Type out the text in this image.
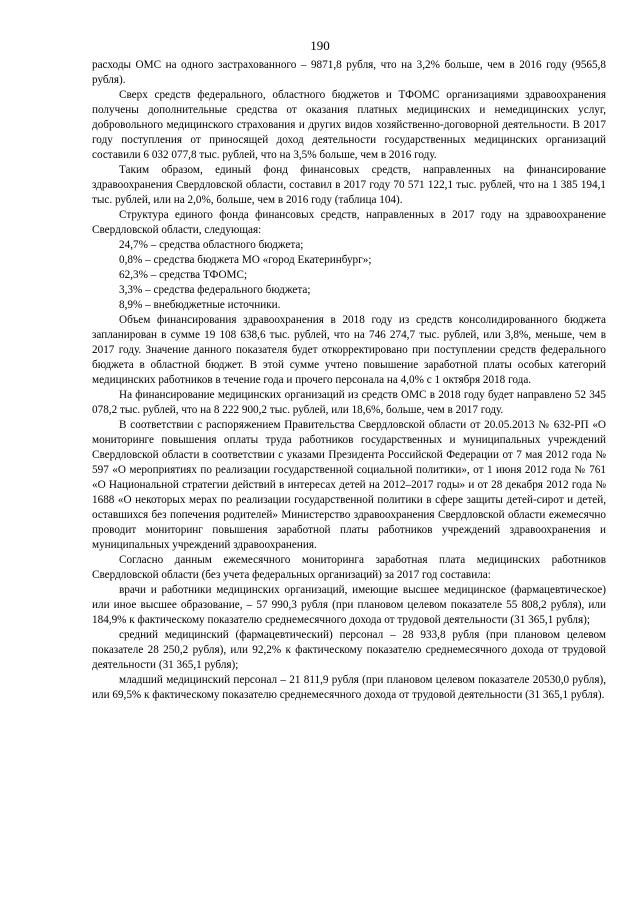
190

расходы ОМС на одного застрахованного – 9871,8 рубля, что на 3,2% больше, чем в 2016 году (9565,8 рубля).

Сверх средств федерального, областного бюджетов и ТФОМС организациями здравоохранения получены дополнительные средства от оказания платных медицинских и немедицинских услуг, добровольного медицинского страхования и других видов хозяйственно-договорной деятельности. В 2017 году поступления от приносящей доход деятельности государственных медицинских организаций составили 6 032 077,8 тыс. рублей, что на 3,5% больше, чем в 2016 году.

Таким образом, единый фонд финансовых средств, направленных на финансирование здравоохранения Свердловской области, составил в 2017 году 70 571 122,1 тыс. рублей, что на 1 385 194,1 тыс. рублей, или на 2,0%, больше, чем в 2016 году (таблица 104).

Структура единого фонда финансовых средств, направленных в 2017 году на здравоохранение Свердловской области, следующая:

24,7% – средства областного бюджета;

0,8% – средства бюджета МО «город Екатеринбург»;

62,3% – средства ТФОМС;

3,3% – средства федерального бюджета;

8,9% – внебюджетные источники.

Объем финансирования здравоохранения в 2018 году из средств консолидированного бюджета запланирован в сумме 19 108 638,6 тыс. рублей, что на 746 274,7 тыс. рублей, или 3,8%, меньше, чем в 2017 году. Значение данного показателя будет откорректировано при поступлении средств федерального бюджета в областной бюджет. В этой сумме учтено повышение заработной платы особых категорий медицинских работников в течение года и прочего персонала на 4,0% с 1 октября 2018 года.

На финансирование медицинских организаций из средств ОМС в 2018 году будет направлено 52 345 078,2 тыс. рублей, что на 8 222 900,2 тыс. рублей, или 18,6%, больше, чем в 2017 году.

В соответствии с распоряжением Правительства Свердловской области от 20.05.2013 № 632-РП «О мониторинге повышения оплаты труда работников государственных и муниципальных учреждений Свердловской области в соответствии с указами Президента Российской Федерации от 7 мая 2012 года № 597 «О мероприятиях по реализации государственной социальной политики», от 1 июня 2012 года № 761 «О Национальной стратегии действий в интересах детей на 2012–2017 годы» и от 28 декабря 2012 года № 1688 «О некоторых мерах по реализации государственной политики в сфере защиты детей-сирот и детей, оставшихся без попечения родителей» Министерство здравоохранения Свердловской области ежемесячно проводит мониторинг повышения заработной платы работников учреждений здравоохранения и муниципальных учреждений здравоохранения.

Согласно данным ежемесячного мониторинга заработная плата медицинских работников Свердловской области (без учета федеральных организаций) за 2017 год составила:

врачи и работники медицинских организаций, имеющие высшее медицинское (фармацевтическое) или иное высшее образование, – 57 990,3 рубля (при плановом целевом показателе 55 808,2 рубля), или 184,9% к фактическому показателю среднемесячного дохода от трудовой деятельности (31 365,1 рубля);

средний медицинский (фармацевтический) персонал – 28 933,8 рубля (при плановом целевом показателе 28 250,2 рубля), или 92,2% к фактическому показателю среднемесячного дохода от трудовой деятельности (31 365,1 рубля);

младший медицинский персонал – 21 811,9 рубля (при плановом целевом показателе 20530,0 рубля), или 69,5% к фактическому показателю среднемесячного дохода от трудовой деятельности (31 365,1 рубля).
